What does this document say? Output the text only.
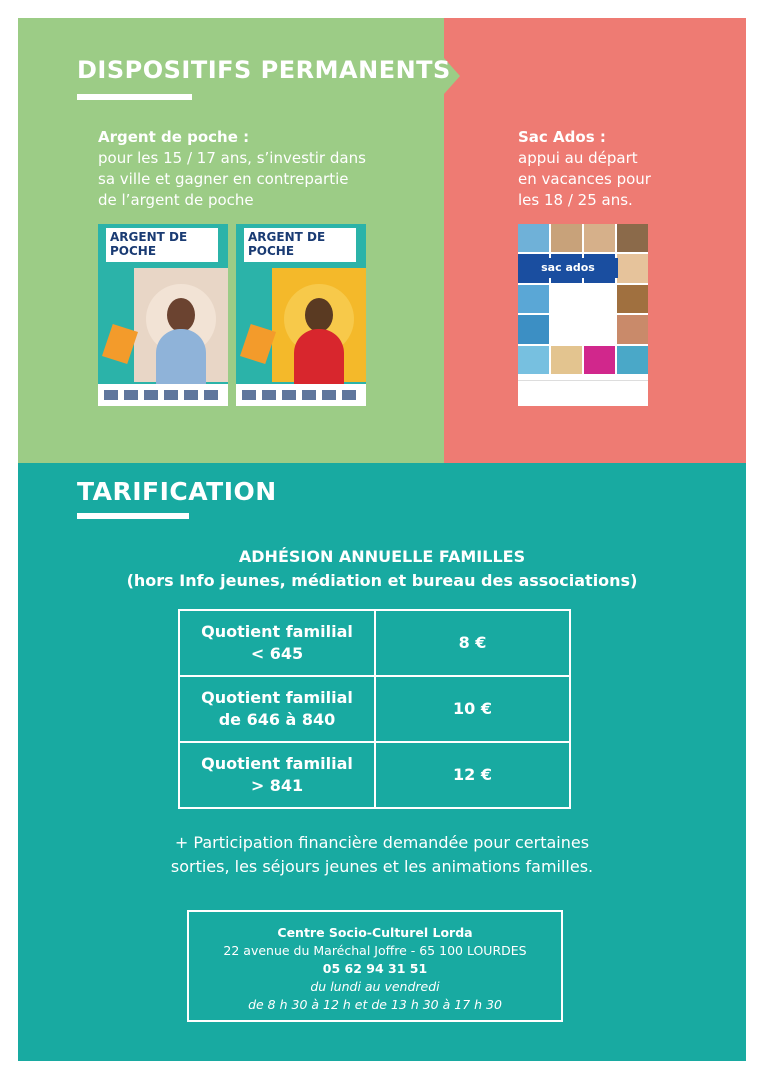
DISPOSITIFS PERMANENTS
Argent de poche :
pour les 15 / 17 ans, s’investir dans
sa ville et gagner en contrepartie
de l’argent de poche
Sac Ados :
appui au départ
en vacances pour
les 18 / 25 ans.
ARGENT DE POCHE
ARGENT DE POCHE
sac ados
TARIFICATION
ADHÉSION ANNUELLE FAMILLES
(hors Info jeunes, médiation et bureau des associations)
Quotient familial
< 645	8 €

Quotient familial
de 646 à 840	10 €

Quotient familial
> 841	12 €
+ Participation financière demandée pour certaines
sorties, les séjours jeunes et les animations familles.
Centre Socio-Culturel Lorda
22 avenue du Maréchal Joffre - 65 100 LOURDES
05 62 94 31 51
du lundi au vendredi
de 8 h 30 à 12 h et de 13 h 30 à 17 h 30
